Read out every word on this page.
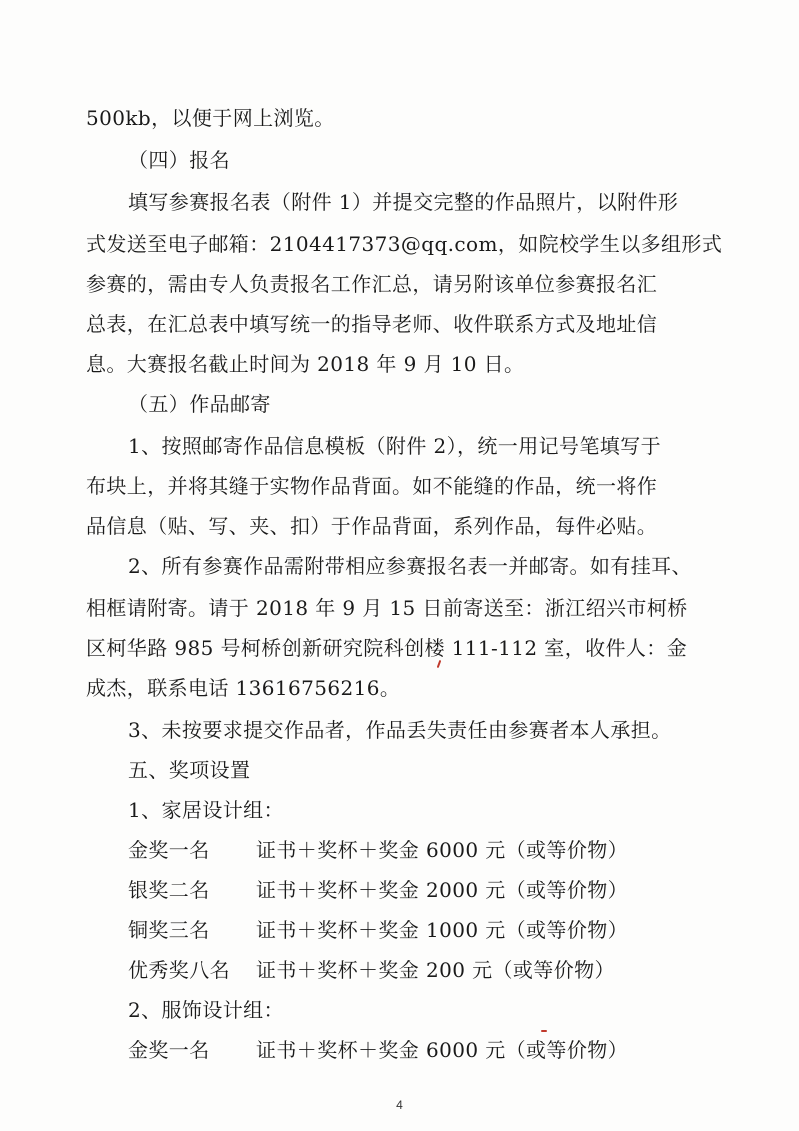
500kb，以便于网上浏览。
（四）报名
填写参赛报名表（附件 1）并提交完整的作品照片，以附件形
式发送至电子邮箱：2104417373@qq.com，如院校学生以多组形式
参赛的，需由专人负责报名工作汇总，请另附该单位参赛报名汇
总表，在汇总表中填写统一的指导老师、收件联系方式及地址信
息。大赛报名截止时间为 2018 年 9 月 10 日。
（五）作品邮寄
1、按照邮寄作品信息模板（附件 2），统一用记号笔填写于
布块上，并将其缝于实物作品背面。如不能缝的作品，统一将作
品信息（贴、写、夹、扣）于作品背面，系列作品，每件必贴。
2、所有参赛作品需附带相应参赛报名表一并邮寄。如有挂耳、
相框请附寄。请于 2018 年 9 月 15 日前寄送至：浙江绍兴市柯桥
区柯华路 985 号柯桥创新研究院科创楼 111-112 室，收件人：金
成杰，联系电话 13616756216。
3、未按要求提交作品者，作品丢失责任由参赛者本人承担。
五、奖项设置
1、家居设计组：
金奖一名 证书＋奖杯＋奖金 6000 元（或等价物）
银奖二名 证书＋奖杯＋奖金 2000 元（或等价物）
铜奖三名 证书＋奖杯＋奖金 1000 元（或等价物）
优秀奖八名 证书＋奖杯＋奖金 200 元（或等价物）
2、服饰设计组：
金奖一名 证书＋奖杯＋奖金 6000 元（或等价物）
4
